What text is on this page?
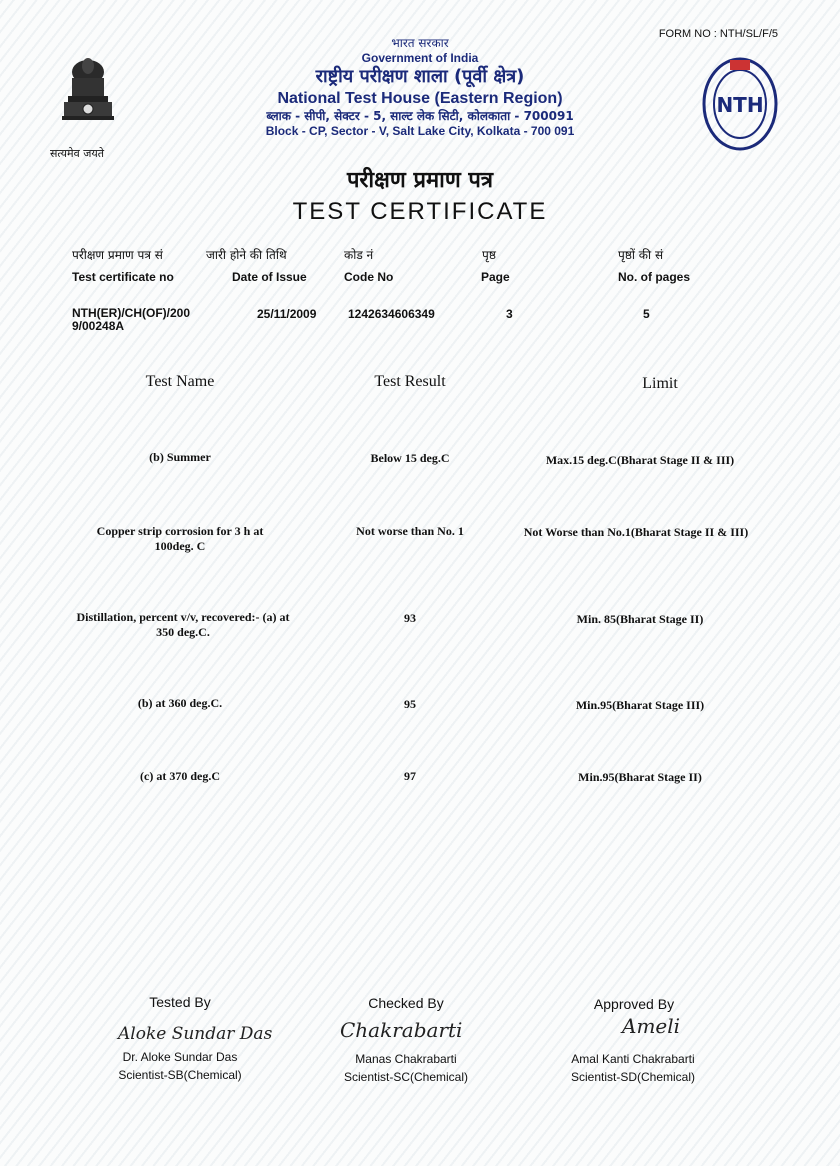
FORM NO : NTH/SL/F/5
सत्यमेव जयते
NTH
भारत सरकार
Government of India
राष्ट्रीय परीक्षण शाला (पूर्वी क्षेत्र)
National Test House (Eastern Region)
ब्लाक - सीपी, सेक्टर - 5, साल्ट लेक सिटी, कोलकाता - 700091
Block - CP, Sector - V, Salt Lake City, Kolkata - 700 091
परीक्षण प्रमाण पत्र
TEST CERTIFICATE
परीक्षण प्रमाण पत्र सं	जारी होने की तिथि	कोड नं	पृष्ठ	पृष्ठों की सं
Test certificate no	Date of Issue	Code No	Page	No. of pages
NTH(ER)/CH(OF)/200
9/00248A
25/11/2009	1242634606349	3	5
Test Name	Test Result	Limit
(b) Summer	Below 15 deg.C	Max.15 deg.C(Bharat Stage II & III)
Copper strip corrosion for 3 h at 100deg. C
Not worse than No. 1	Not Worse than No.1(Bharat Stage II & III)
Distillation, percent v/v, recovered:- (a) at 350 deg.C.
93	Min. 85(Bharat Stage II)
(b) at 360 deg.C.	95	Min.95(Bharat Stage III)
(c) at 370 deg.C	97	Min.95(Bharat Stage II)
Tested By
Aloke Sundar Das
Dr. Aloke Sundar Das
Scientist-SB(Chemical)
Checked By
Chakrabarti
Manas Chakrabarti
Scientist-SC(Chemical)
Approved By
Ameli
Amal Kanti Chakrabarti
Scientist-SD(Chemical)
